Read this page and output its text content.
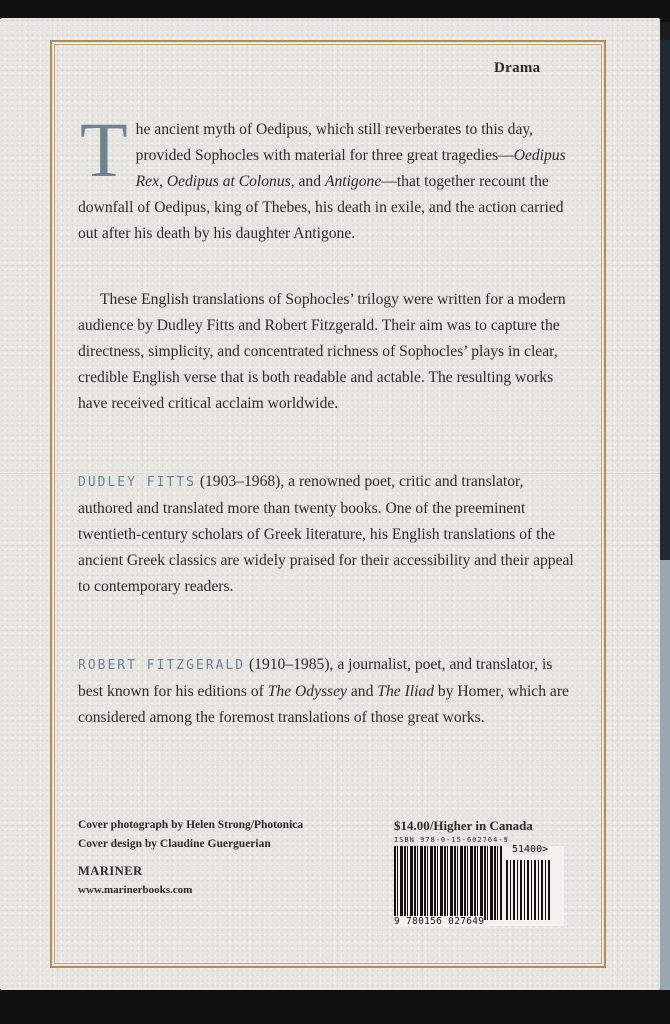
Drama
The ancient myth of Oedipus, which still reverberates to this day, provided Sophocles with material for three great tragedies—Oedipus Rex, Oedipus at Colonus, and Antigone—that together recount the downfall of Oedipus, king of Thebes, his death in exile, and the action carried out after his death by his daughter Antigone.
These English translations of Sophocles’ trilogy were written for a modern audience by Dudley Fitts and Robert Fitzgerald. Their aim was to capture the directness, simplicity, and concentrated richness of Sophocles’ plays in clear, credible English verse that is both readable and actable. The resulting works have received critical acclaim worldwide.
DUDLEY FITTS (1903–1968), a renowned poet, critic and translator, authored and translated more than twenty books. One of the preeminent twentieth-century scholars of Greek literature, his English translations of the ancient Greek classics are widely praised for their accessibility and their appeal to contemporary readers.
ROBERT FITZGERALD (1910–1985), a journalist, poet, and translator, is best known for his editions of The Odyssey and The Iliad by Homer, which are considered among the foremost translations of those great works.
Cover photograph by Helen Strong/Photonica
Cover design by Claudine Guerguerian
MARINER
www.marinerbooks.com
$14.00/Higher in Canada
ISBN 978-0-15-602764-9
51400>
9 780156 027649
